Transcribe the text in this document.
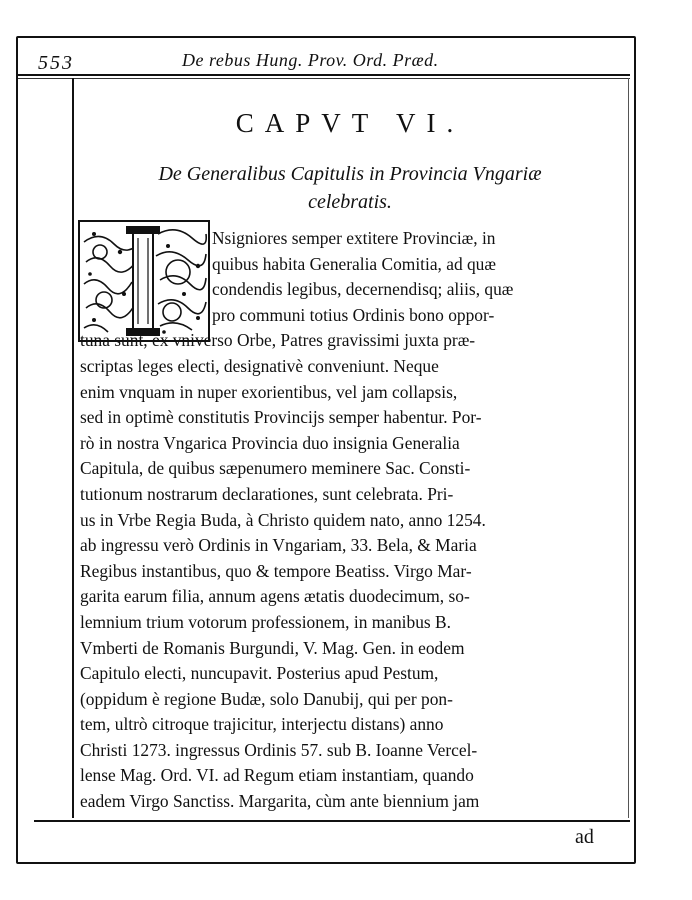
553	De rebus Hung. Prov. Ord. Præd.
CAPVT VI.
De Generalibus Capitulis in Provincia Vngariæ
celebratis.
Nsigniores semper extitere Provinciæ, in
quibus habita Generalia Comitia, ad quæ
condendis legibus, decernendisq; aliis, quæ
pro communi totius Ordinis bono oppor-
tuna sunt, ex vniverso Orbe, Patres gravissimi juxta præ-
scriptas leges electi, designativè conveniunt. Neque
enim vnquam in nuper exorientibus, vel jam collapsis,
sed in optimè constitutis Provincijs semper habentur. Por-
rò in nostra Vngarica Provincia duo insignia Generalia
Capitula, de quibus sæpenumero meminere Sac. Consti-
tutionum nostrarum declarationes, sunt celebrata. Pri-
us in Vrbe Regia Buda, à Christo quidem nato, anno 1254.
ab ingressu verò Ordinis in Vngariam, 33. Bela, & Maria
Regibus instantibus, quo & tempore Beatiss. Virgo Mar-
garita earum filia, annum agens ætatis duodecimum, so-
lemnium trium votorum professionem, in manibus B.
Vmberti de Romanis Burgundi, V. Mag. Gen. in eodem
Capitulo electi, nuncupavit. Posterius apud Pestum,
(oppidum è regione Budæ, solo Danubij, qui per pon-
tem, ultrò citroque trajicitur, interjectu distans) anno
Christi 1273. ingressus Ordinis 57. sub B. Ioanne Vercel-
lense Mag. Ord. VI. ad Regum etiam instantiam, quando
eadem Virgo Sanctiss. Margarita, cùm ante biennium jam
ad
